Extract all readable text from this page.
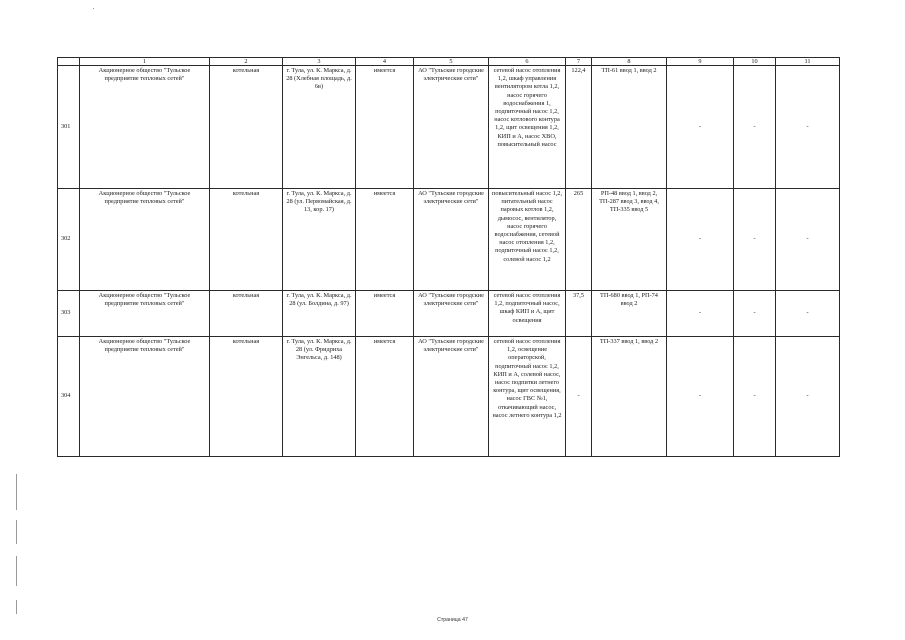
	1	2	3	4	5	6	7	8	9	10	11
301	Акционерное общество "Тульское предприятие тепловых сетей"	котельная	г. Тула, ул. К. Маркса, д. 28 (Хлебная площадь, д. 6в)	имеется	АО "Тульские городские электрические сети"	сетевой насос отопления 1,2, шкаф управления вентилятором котла 1,2, насос горячего водоснабжения 1, подпиточный насос 1,2, насос котлового контура 1,2, щит освещения 1,2, КИП и А, насос ХВО, повысительный насос	122,4	ТП-61 ввод 1, ввод 2	-	-	-
302	Акционерное общество "Тульское предприятие тепловых сетей"	котельная	г. Тула, ул. К. Маркса, д. 28 (ул. Первомайская, д. 13, кор. 17)	имеется	АО "Тульские городские электрические сети"	повысительный насос 1,2, питательный насос паровых котлов 1,2, дымосос, вентилятор, насос горячего водоснабжения, сетевой насос отопления 1,2, подпиточный насос 1,2, солевой насос 1,2	265	РП-48 ввод 1, ввод 2, ТП-287 ввод 3, ввод 4, ТП-335 ввод 5	-	-	-
303	Акционерное общество "Тульское предприятие тепловых сетей"	котельная	г. Тула, ул. К. Маркса, д. 28 (ул. Болдина, д. 97)	имеется	АО "Тульские городские электрические сети"	сетевой насос отопления 1,2, подпиточный насос, шкаф КИП и А, щит освещения	37,5	ТП-680 ввод 1, РП-74 ввод 2	-	-	-
304	Акционерное общество "Тульское предприятие тепловых сетей"	котельная	г. Тула, ул. К. Маркса, д. 28 (ул. Фридриха Энгельса, д. 148)	имеется	АО "Тульские городские электрические сети"	сетевой насос отопления 1,2, освещение операторской, подпиточный насос 1,2, КИП и А, солевой насос, насос подпитки летнего контура, щит освещения, насос ГВС №1, откачивающий насос, насос летнего контура 1,2	-	ТП-337 ввод 1, ввод 2	-	-	-
Страница 47
